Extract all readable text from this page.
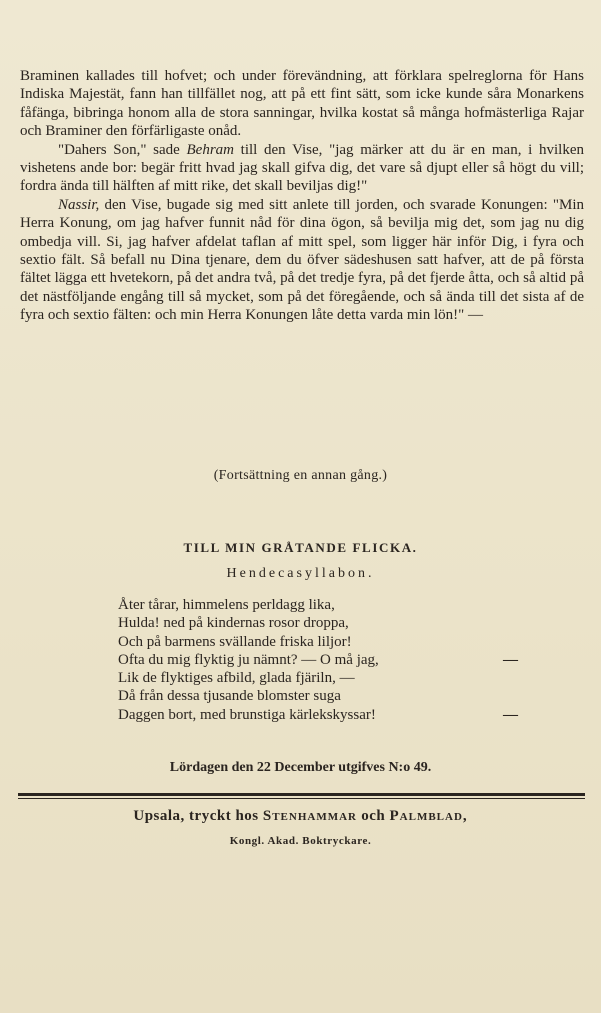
Braminen kallades till hofvet; och under förevändning, att förklara spelreglorna för Hans Indiska Majestät, fann han tillfället nog, att på ett fint sätt, som icke kunde såra Monarkens fåfänga, bibringa honom alla de stora sanningar, hvilka kostat så många hofmästerliga Rajar och Braminer den förfärligaste onåd.

"Dahers Son," sade Behram till den Vise, "jag märker att du är en man, i hvilken vishetens ande bor: begär fritt hvad jag skall gifva dig, det vare så djupt eller så högt du vill; fordra ända till hälften af mitt rike, det skall beviljas dig!"

Nassir, den Vise, bugade sig med sitt anlete till jorden, och svarade Konungen: "Min Herra Konung, om jag hafver funnit nåd för dina ögon, så bevilja mig det, som jag nu dig ombedja vill. Si, jag hafver afdelat taflan af mitt spel, som ligger här inför Dig, i fyra och sextio fält. Så befall nu Dina tjenare, dem du öfver sädeshusen satt hafver, att de på första fältet lägga ett hvetekorn, på det andra två, på det tredje fyra, på det fjerde åtta, och så altid på det nästföljande engång till så mycket, som på det föregående, och så ända till det sista af de fyra och sextio fälten: och min Herra Konungen låte detta varda min lön!" —

(Fortsättning en annan gång.)
TILL MIN GRÅTANDE FLICKA.
Hendecasyllabon.
Åter tårar, himmelens perldagg lika,
Hulda! ned på kindernas rosor droppa,
Och på barmens svällande friska liljor!
Ofta du mig flyktig ju nämnt? — O må jag,	—
Lik de flyktiges afbild, glada fjäriln, —
Då från dessa tjusande blomster suga
Daggen bort, med brunstiga kärlekskyssar!	—
Lördagen den 22 December utgifves N:o 49.
Upsala, tryckt hos Stenhammar och Palmblad,
Kongl. Akad. Boktryckare.
